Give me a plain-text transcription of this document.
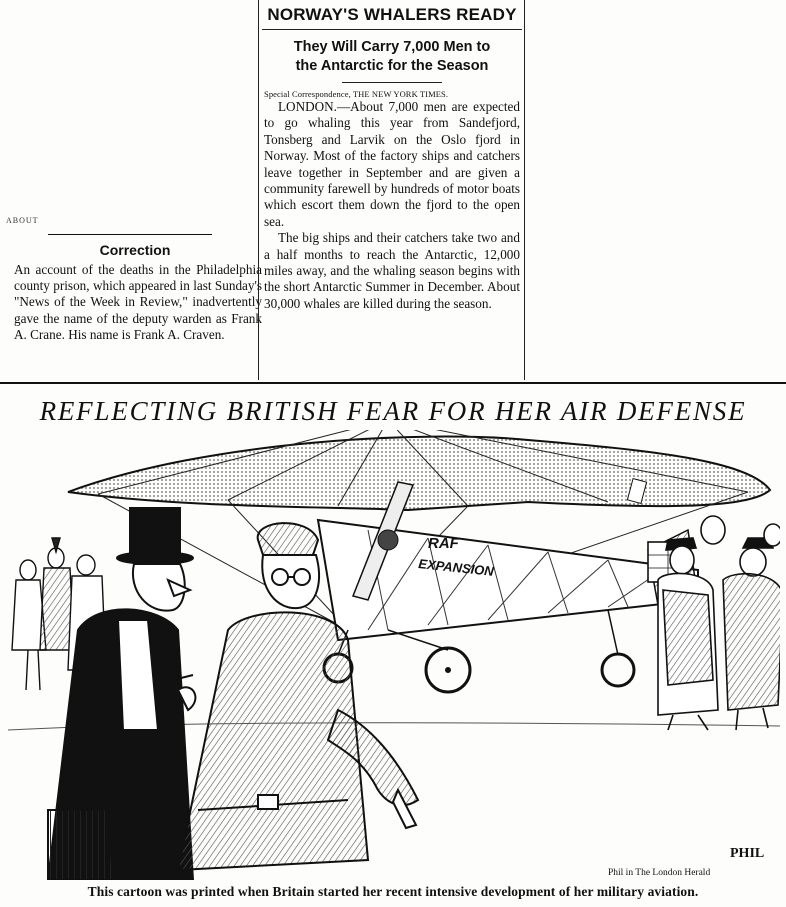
ABOUT
Correction
An account of the deaths in the Philadelphia county prison, which appeared in last Sunday's "News of the Week in Review," inadvertently gave the name of the deputy warden as Frank A. Crane. His name is Frank A. Craven.
NORWAY'S WHALERS READY
They Will Carry 7,000 Men to
the Antarctic for the Season
Special Correspondence, THE NEW YORK TIMES.

LONDON.—About 7,000 men are expected to go whaling this year from Sandefjord, Tonsberg and Larvik on the Oslo fjord in Norway. Most of the factory ships and catchers leave together in September and are given a community farewell by hundreds of motor boats which escort them down the fjord to the open sea.

The big ships and their catchers take two and a half months to reach the Antarctic, 12,000 miles away, and the whaling season begins with the short Antarctic Summer in December. About 30,000 whales are killed during the season.

REFLECTING BRITISH FEAR FOR HER AIR DEFENSE
RAF
EXPANSION
PHIL
Phil in The London Herald
This cartoon was printed when Britain started her recent intensive development of her military aviation.
